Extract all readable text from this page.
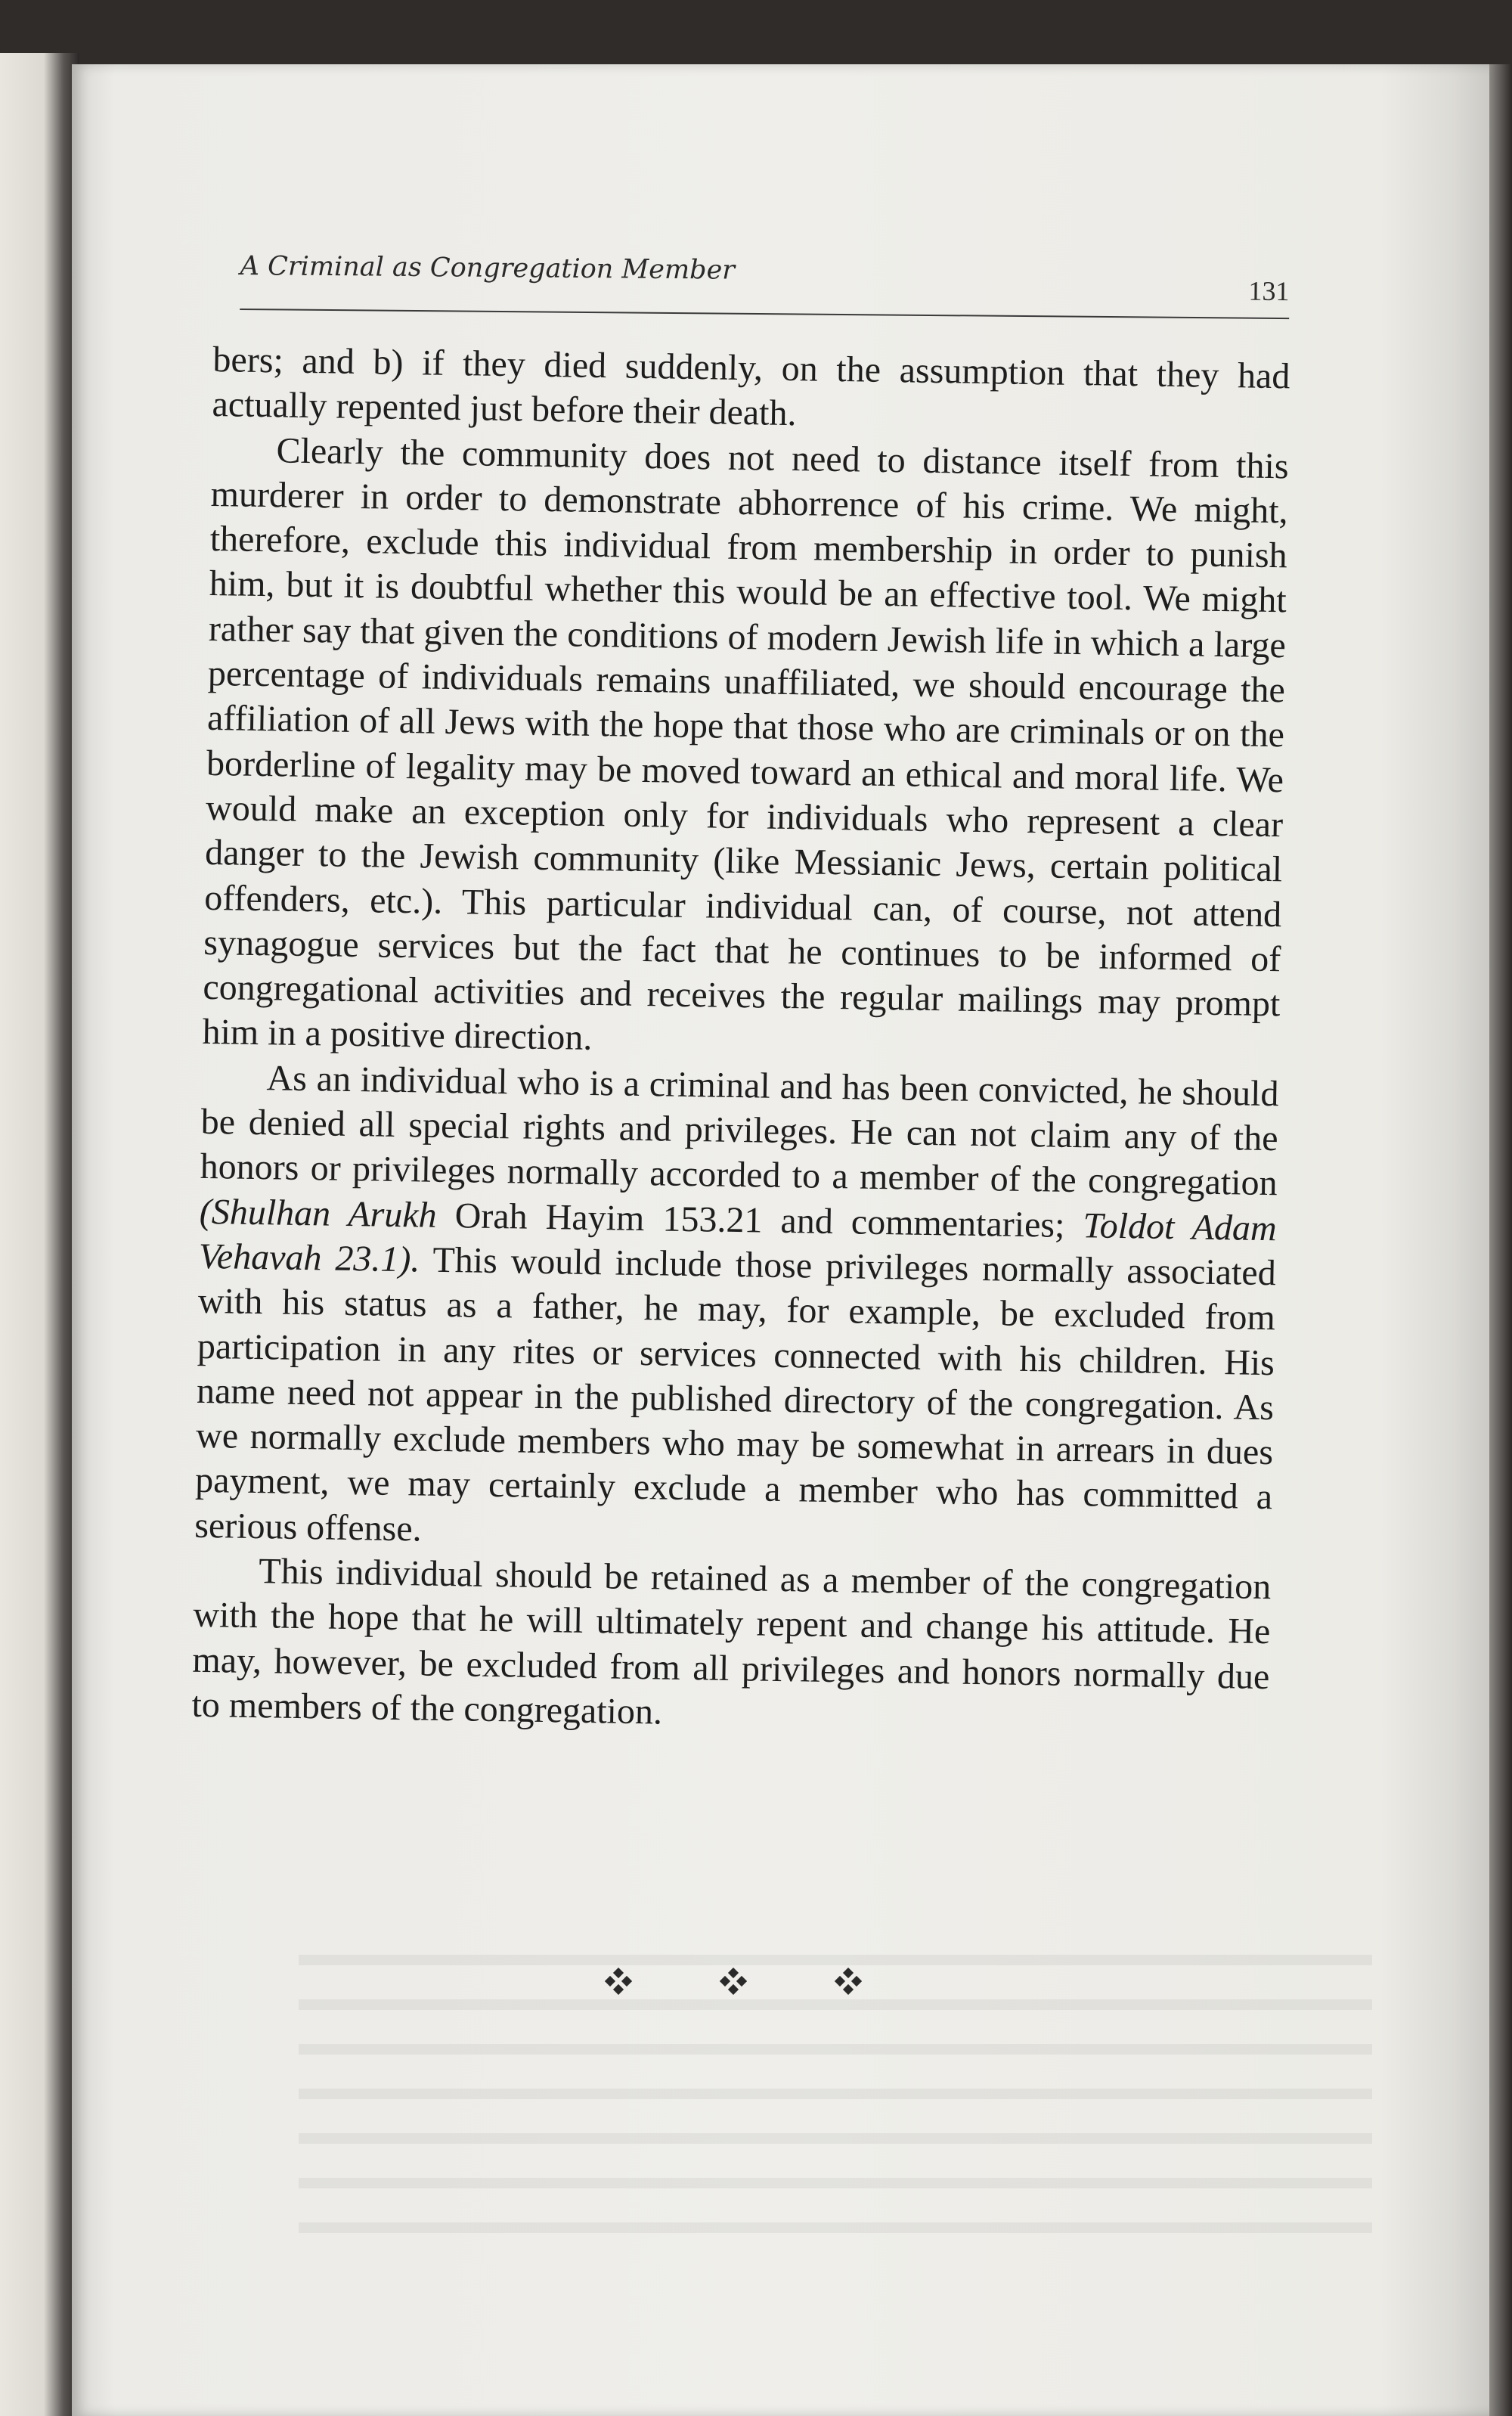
A Criminal as Congregation Member
131

bers; and b) if they died suddenly, on the assumption that they had actually repented just before their death.

Clearly the community does not need to distance itself from this murderer in order to demonstrate abhorrence of his crime. We might, therefore, exclude this individual from membership in order to punish him, but it is doubtful whether this would be an effective tool. We might rather say that given the conditions of modern Jewish life in which a large percentage of individuals remains unaffiliated, we should encourage the affiliation of all Jews with the hope that those who are criminals or on the borderline of legality may be moved toward an ethical and moral life. We would make an exception only for individuals who represent a clear danger to the Jewish community (like Messianic Jews, certain political offenders, etc.). This particular individual can, of course, not attend synagogue services but the fact that he continues to be informed of congregational activities and receives the regular mailings may prompt him in a positive direction.

As an individual who is a criminal and has been convicted, he should be denied all special rights and privileges. He can not claim any of the honors or privileges normally accorded to a member of the congregation (Shulhan Arukh Orah Hayim 153.21 and commentaries; Toldot Adam Vehavah 23.1). This would include those privileges normally associated with his status as a father, he may, for example, be excluded from participation in any rites or services connected with his children. His name need not appear in the published directory of the congregation. As we normally exclude members who may be somewhat in arrears in dues payment, we may certainly exclude a member who has committed a serious offense.

This individual should be retained as a member of the congregation with the hope that he will ultimately repent and change his attitude. He may, however, be excluded from all privileges and honors normally due to members of the congregation.
